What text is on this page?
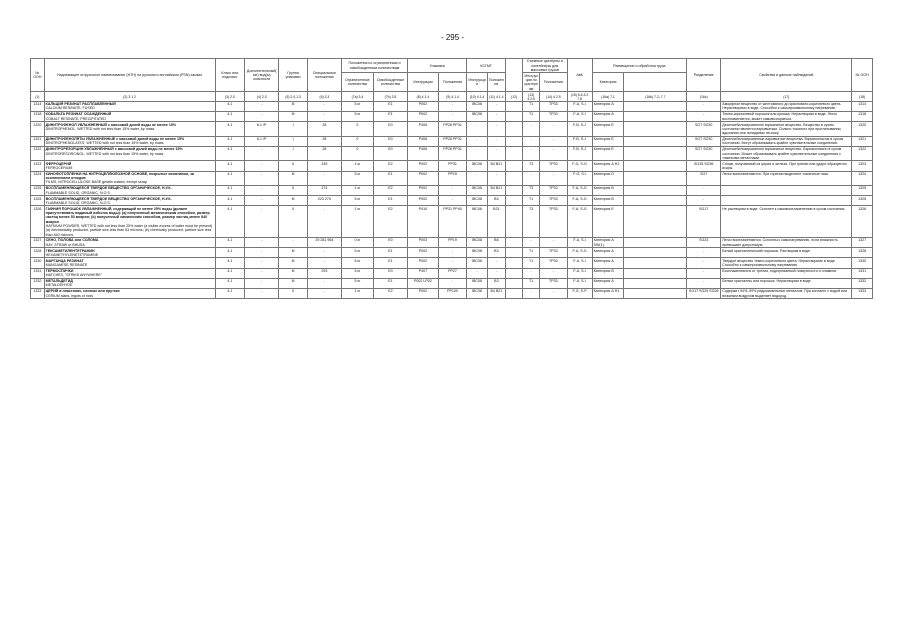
- 295 -
№ ООН	Надлежащее отгрузочное наименование (НТН) на русском и английском (PSN) языках	Класс или подкласс	Дополнительный(ые) вид(ы) опасности	Группа упаковки	Специальные положения	Положения по ограниченным и освобожденным количествам		Упаковка		КСГМГ			Съемные цистерны и контейнеры для массовых грузов		АвК	Размещение и обработка груза		Разделение	Свойства и данные наблюдений	№ ООН
						Ограниченные количества	Освобожденные количества	Инструкции	Положения	Инструкции	Положения		Инструкции по цистернам	Положения		Категория				
(1)	(2) 3.1.2	(3) 2.0	(4) 2.0	(5) 2.0.1.3	(6) 3.3	(7a) 3.4	(7b) 3.5	(8) 4.1.4	(9) 4.1.4	(10) 4.1.4	(11) 4.1.4	(12)	(13) 4.2.5	(14) 4.2.5	(15) 5.4.3.2 7.8	(16a) 7.1	(16b) 7.2–7.7	(16c)	(17)	(18)
1314	КАЛЬЦИЯ РЕЗИНАТ РАСПЛАВЛЕННЫЙ
CALCIUM RESINATE, FUSED	4.1	-	III	-	5 кг	E1	P002	-	IBC06	-		T1	TP33	F-A, S-I	Категория А		-	Аморфное вещество от желтоватого до красновато-коричневого цвета. Нерастворимо в воде. Способно к самопроизвольному нагреванию.	1314
1318	КОБАЛЬТА РЕЗИНАТ ОСАЖДЕННЫЙ
COBALT RESINATE, PRECIPITATED	4.1	-	III	-	5 кг	E1	P002	-	IBC06	-		T1	TP33	F-A, S-I	Категория А		-	Темно-коричневый порошок или крошка. Нерастворим в воде. Легко воспламеняется, может самовозгораться.	1318
1320	ДИНИТРОФЕНОЛ УВЛАЖНЕННЫЙ с массовой долей воды не менее 15%
DINITROPHENOL, WETTED with not less than 15% water, by mass	4.1	6.1 /P	I	28	0	E0	P406	PP26 PP31	-	-		-	-	F-B, S-J	Категория E		SG7 SG30	Десенсибилизированное взрывчатое вещество. Вещество в сухом состоянии является взрывчатым. Сильно токсично при проглатывании, вдыхании или попадании на кожу.	1320
1321	ДИНИТРОФЕНОЛЯТЫ УВЛАЖНЕННЫЕ с массовой долей воды не менее 15%
DINITROPHENOLATES, WETTED with not less than 15% water, by mass	4.1	6.1 /P	I	28	0	E0	P406	PP26 PP31	-	-		-	-	F-B, S-J	Категория E		SG7 SG30	Десенсибилизированные взрывчатые вещества. Взрывоопасны в сухом состоянии. Могут образовывать крайне чувствительные соединения.	1321
1322	ДИНИТРОРЕЗОРЦИН УВЛАЖНЕННЫЙ с массовой долей воды не менее 15%
DINITRORESORCINOL, WETTED with not less than 15% water, by mass	4.1	-	I	28	0	E0	P406	PP26 PP31	-	-		-	-	F-B, S-J	Категория E		SG7 SG30	Десенсибилизированное взрывчатое вещество. Взрывоопасно в сухом состоянии. Может образовывать крайне чувствительные соединения с тяжелыми металлами.	1322
1323	ФЕРРОЦЕРИЙ
FERROCERIUM	4.1	-	II	249	1 кг	E2	P002	PP31	IBC08	B4 B21		T3	TP33	F-G, S-G	Категория А H1		SG35 SG36	Сплав, получаемый из церия и железа. При трении или ударе образуются искры.	1323
1324	КИНОФОТОПЛЕНКИ НА НИТРОЦЕЛЛЮЛОЗНОЙ ОСНОВЕ, покрытые желатином, за исключением отходов
FILMS, NITROCELLULOSE BASE gelatin coated, except scrap	4.1	-	III	-	5 кг	E1	P002	PP15	-	-		-	-	F-G, S-I	Категория D		SG7	Легко воспламеняются. При горении выделяют токсичные газы.	1324
1325	ВОСПЛАМЕНЯЮЩЕЕСЯ ТВЕРДОЕ ВЕЩЕСТВО ОРГАНИЧЕСКОЕ, Н.У.К.
FLAMMABLE SOLID, ORGANIC, N.O.S.	4.1	-	II	274	1 кг	E2	P002	-	IBC08	B4 B21		T3	TP33	F-A, S-G	Категория B		-		1325
1325	ВОСПЛАМЕНЯЮЩЕЕСЯ ТВЕРДОЕ ВЕЩЕСТВО ОРГАНИЧЕСКОЕ, Н.У.К.
FLAMMABLE SOLID, ORGANIC, N.O.S.	4.1	-	III	223 274	5 кг	E1	P002	-	IBC08	B3		T1	TP33	F-A, S-G	Категория B		-		1325
1326	ГАФНИЯ ПОРОШОК УВЛАЖНЕННЫЙ, содержащий не менее 25% воды (должен присутствовать видимый избыток воды): (a) полученный механическим способом, размер частиц менее 53 микрон; (b) полученный химическим способом, размер частиц менее 840 микрон
HAFNIUM POWDER, WETTED with not less than 25% water (a visible excess of water must be present) (a) mechanically produced, particle size less than 53 microns; (b) chemically produced, particle size less than 840 microns	4.1	-	II	-	1 кг	E2	P410	PP31 PP40	IBC06	B21		T3	TP33	F-A, S-G	Категория E		SG17	Не растворим в воде. Склонен к самовоспламенению в сухом состоянии.	1326
1327	СЕНО, ПОЛОВА или СОЛОМА
HAY, STRAW or BHUSA	4.1	-	-	29 281 964	0 кг	E0	P003	PP19	IBC08	B6		-	-	F-A, S-I	Категория А SW(1)		SG23	Легко воспламеняются. Склонны к самонагреванию, если влажность превышает допустимую.	1327
1328	ГЕКСАМЕТИЛЕНТЕТРАМИН
HEXAMETHYLENETETRAMINE	4.1	-	III	-	5 кг	E1	P002	-	IBC08	B3		T1	TP33	F-A, S-G	Категория А		-	Белый кристаллический порошок. Растворим в воде.	1328
1330	МАРГАНЦА РЕЗИНАТ
MANGANESE RESINATE	4.1	-	III	-	5 кг	E1	P002	-	IBC06	-		T1	TP33	F-A, S-I	Категория А		-	Твердое вещество темно-коричневого цвета. Нерастворимо в воде. Способно к самопроизвольному нагреванию.	1330
1331	ТЕРМОСПИЧКИ
MATCHES, "STRIKE ANYWHERE"	4.1	-	III	293	5 кг	E0	P407	PP27	-	-		-	-	F-A, S-I	Категория B		-	Воспламеняются от трения, подогреваемой поверхности и пламени.	1331
1332	МЕТАЛЬДЕГИД
METALDEHYDE	4.1	-	III	-	5 кг	E1	P002 LP02	-	IBC08	B3		T1	TP33	F-A, S-I	Категория А		-	Белые кристаллы или порошок. Нерастворим в воде.	1332
1333	ЦЕРИЙ в пластинах, слитках или прутках
CERIUM slabs, ingots or rods	4.1	-	II	-	1 кг	E2	P002	PP100	IBC08	B4 B21		-	-	F-G, S-P	Категория А H1		SG17 SG25 SG26	Содержит 94%–99% редкоземельных металлов. При контакте с водой или влажным воздухом выделяет водород.	1333
